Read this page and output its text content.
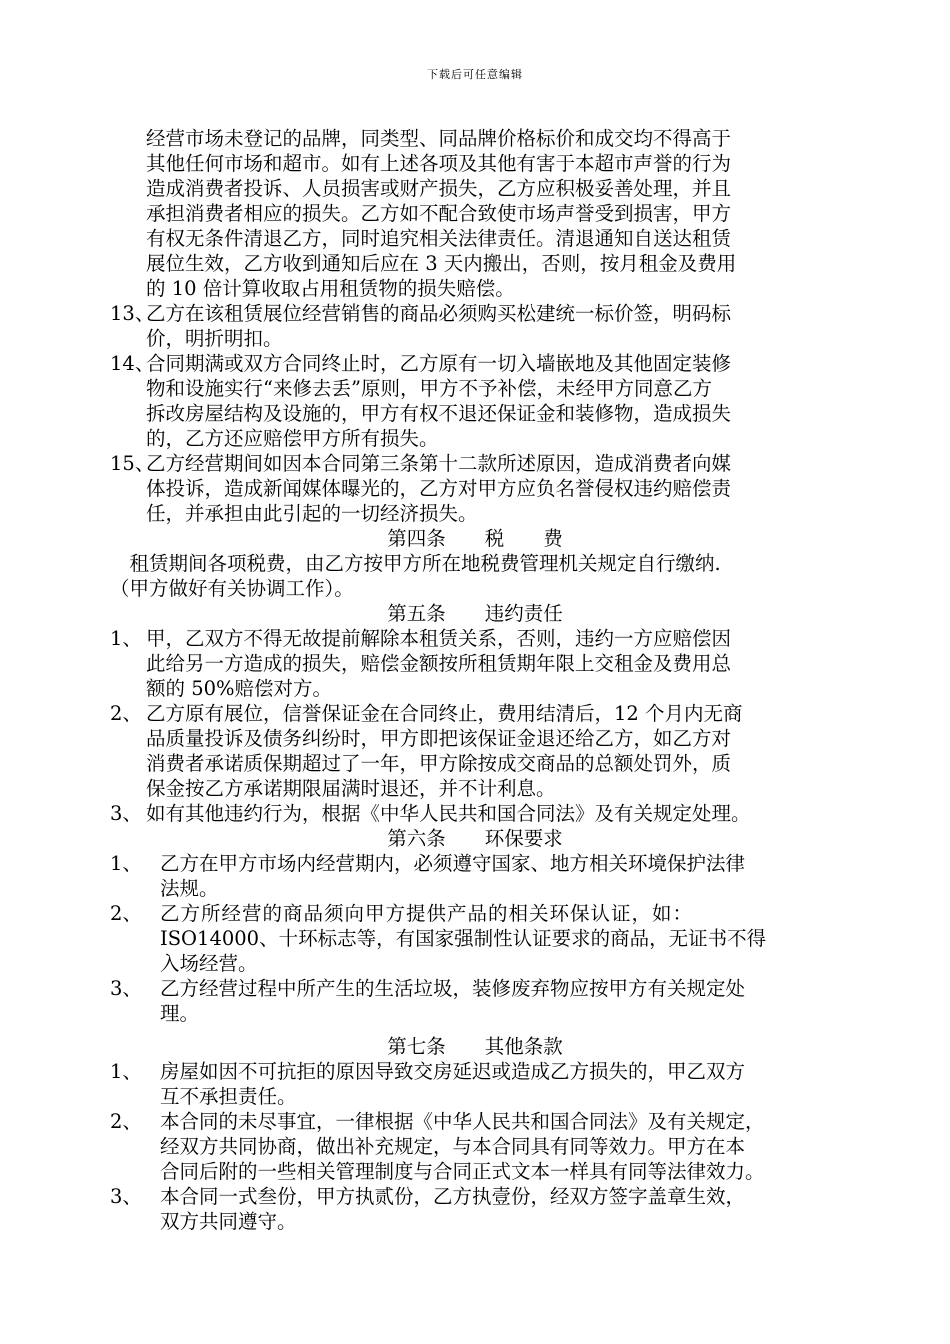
下载后可任意编辑

经营市场未登记的品牌，同类型、同品牌价格标价和成交均不得高于

其他任何市场和超市。如有上述各项及其他有害于本超市声誉的行为

造成消费者投诉、人员损害或财产损失，乙方应积极妥善处理，并且

承担消费者相应的损失。乙方如不配合致使市场声誉受到损害，甲方

有权无条件清退乙方，同时追究相关法律责任。清退通知自送达租赁

展位生效，乙方收到通知后应在 3 天内搬出，否则，按月租金及费用

的 10 倍计算收取占用租赁物的损失赔偿。

13、
乙方在该租赁展位经营销售的商品必须购买松建统一标价签，明码标
价，明折明扣。
14、
合同期满或双方合同终止时，乙方原有一切入墙嵌地及其他固定装修
物和设施实行“来修去丢”原则，甲方不予补偿，未经甲方同意乙方
拆改房屋结构及设施的，甲方有权不退还保证金和装修物，造成损失
的，乙方还应赔偿甲方所有损失。
15、
乙方经营期间如因本合同第三条第十二款所述原因，造成消费者向媒
体投诉，造成新闻媒体曝光的，乙方对甲方应负名誉侵权违约赔偿责
任，并承担由此引起的一切经济损失。

第四条　　税　　费

　租赁期间各项税费，由乙方按甲方所在地税费管理机关规定自行缴纳.

（甲方做好有关协调工作）。

第五条　　违约责任

1、 甲，乙双方不得无故提前解除本租赁关系，否则，违约一方应赔偿因
此给另一方造成的损失，赔偿金额按所租赁期年限上交租金及费用总
额的 50%赔偿对方。
2、 乙方原有展位，信誉保证金在合同终止，费用结清后，12 个月内无商
品质量投诉及债务纠纷时，甲方即把该保证金退还给乙方，如乙方对
消费者承诺质保期超过了一年，甲方除按成交商品的总额处罚外，质
保金按乙方承诺期限届满时退还，并不计利息。
3、 如有其他违约行为，根据《中华人民共和国合同法》及有关规定处理。

第六条　　环保要求

1、 乙方在甲方市场内经营期内，必须遵守国家、地方相关环境保护法律
法规。
2、 乙方所经营的商品须向甲方提供产品的相关环保认证，如：
ISO14000、十环标志等，有国家强制性认证要求的商品，无证书不得
入场经营。
3、 乙方经营过程中所产生的生活垃圾，装修废弃物应按甲方有关规定处
理。

第七条　　其他条款

1、 房屋如因不可抗拒的原因导致交房延迟或造成乙方损失的，甲乙双方
互不承担责任。
2、 本合同的未尽事宜，一律根据《中华人民共和国合同法》及有关规定，
经双方共同协商，做出补充规定，与本合同具有同等效力。甲方在本
合同后附的一些相关管理制度与合同正式文本一样具有同等法律效力。
3、 本合同一式叁份，甲方执贰份，乙方执壹份，经双方签字盖章生效，
双方共同遵守。
